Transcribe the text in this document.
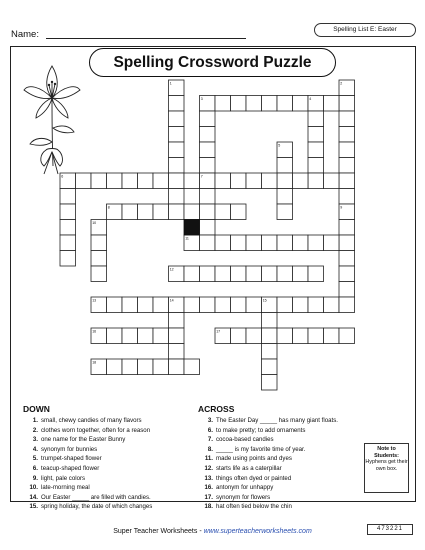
Name:	Spelling List E: Easter
Spelling Crossword Puzzle
1	2
3	4
5
6	7
8	9
10
11
12
13	14	15
16	17
18
DOWN
1. small, chewy candies of many flavors
2. clothes worn together, often for a reason
3. one name for the Easter Bunny
4. synonym for bunnies
5. trumpet-shaped flower
6. teacup-shaped flower
9. light, pale colors
10. late-morning meal
14. Our Easter _____ are filled with candies.
15. spring holiday, the date of which changes
ACROSS
3. The Easter Day _____ has many giant floats.
6. to make pretty; to add ornaments
7. cocoa-based candies
8. _____ is my favorite time of year.
11. made using points and dyes
12. starts life as a caterpillar
13. things often dyed or painted
16. antonym for unhappy
17. synonym for flowers
18. hat often tied below the chin
Note to Students:
Hyphens get their own box.
Super Teacher Worksheets - www.superteacherworksheets.com	473221
